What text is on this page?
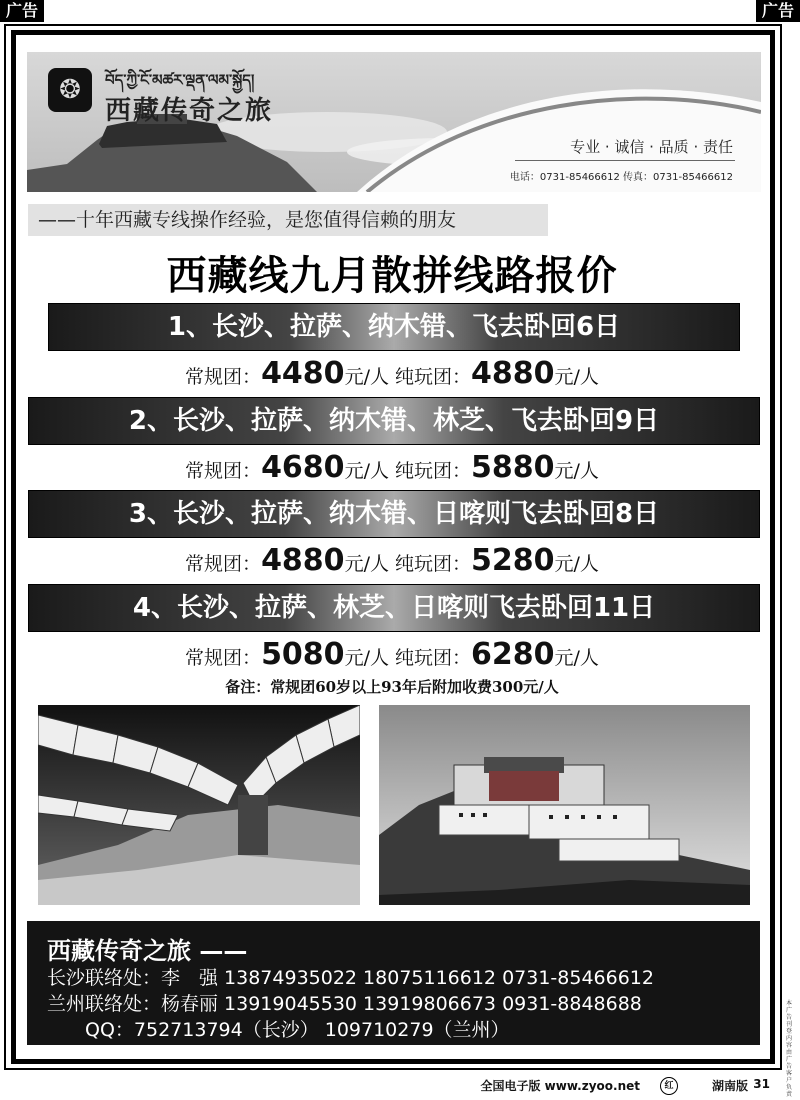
广告	广告
❂	བོད་ཀྱི་ངོ་མཚར་ལྡན་ལམ་སྐྱོད།
西藏传奇之旅
专业 · 诚信 · 品质 · 责任
电话：0731-85466612 传真：0731-85466612
——十年西藏专线操作经验，是您值得信赖的朋友
西藏线九月散拼线路报价
1、长沙、拉萨、纳木错、飞去卧回6日
常规团：4480元/人 纯玩团：4880元/人
2、长沙、拉萨、纳木错、林芝、飞去卧回9日
常规团：4680元/人 纯玩团：5880元/人
3、长沙、拉萨、纳木错、日喀则飞去卧回8日
常规团：4880元/人 纯玩团：5280元/人
4、长沙、拉萨、林芝、日喀则飞去卧回11日
常规团：5080元/人 纯玩团：6280元/人
备注：常规团60岁以上93年后附加收费300元/人
西藏传奇之旅 ——
长沙联络处：李　强 13874935022 18075116612 0731-85466612
兰州联络处：杨春丽 13919045530 13919806673 0931-8848688
　　QQ：752713794（长沙） 109710279（兰州）
本广告刊登内容由广告客户负责
全国电子版 www.zyoo.net	红	湖南版 31
